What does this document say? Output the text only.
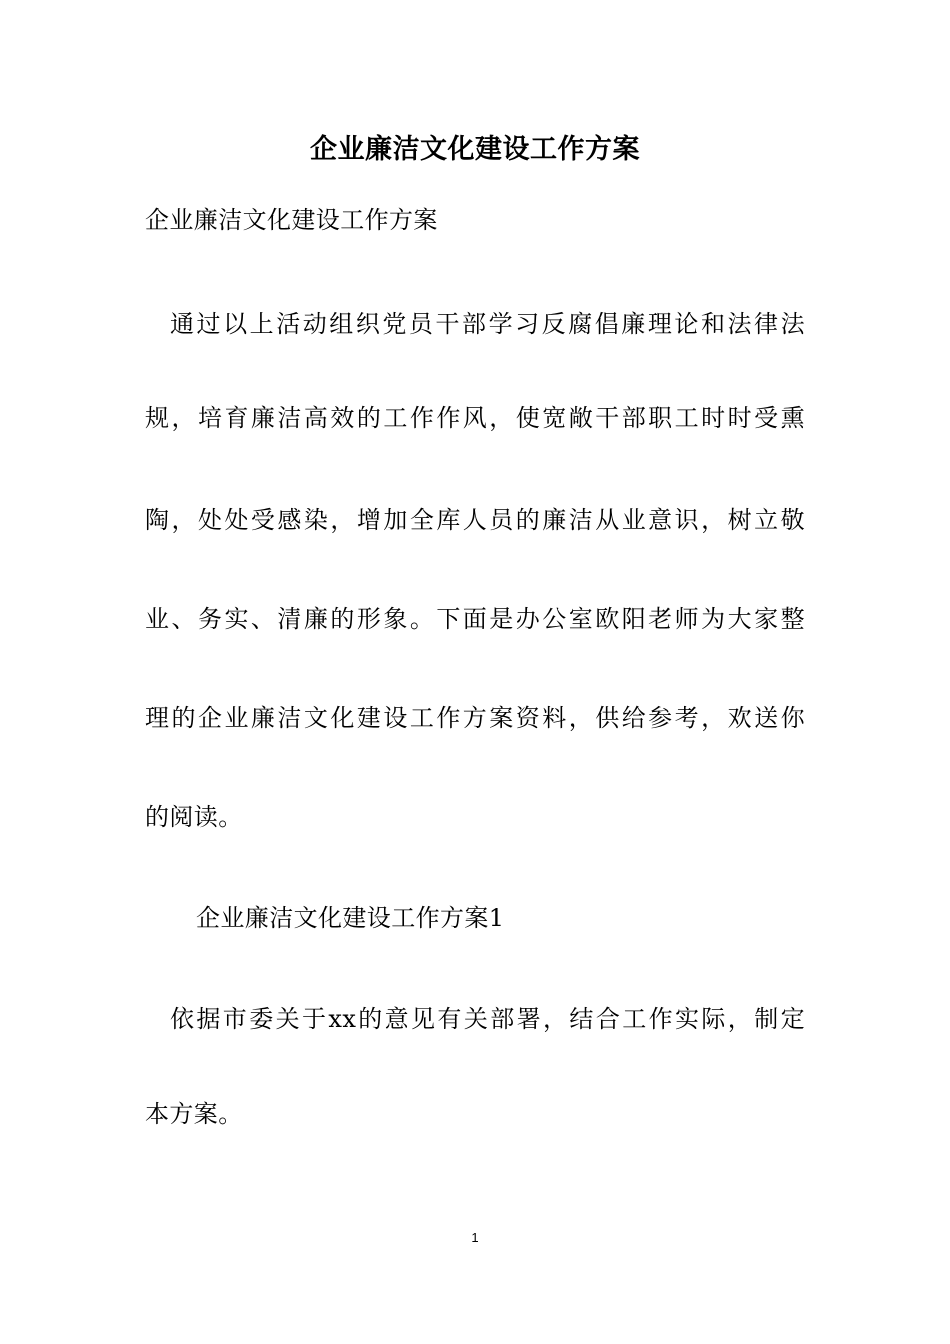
企业廉洁文化建设工作方案
企业廉洁文化建设工作方案
通过以上活动组织党员干部学习反腐倡廉理论和法律法
规，培育廉洁高效的工作作风，使宽敞干部职工时时受熏
陶，处处受感染，增加全库人员的廉洁从业意识，树立敬
业、务实、清廉的形象。下面是办公室欧阳老师为大家整
理的企业廉洁文化建设工作方案资料，供给参考，欢送你
的阅读。
企业廉洁文化建设工作方案1
依据市委关于xx的意见有关部署，结合工作实际，制定
本方案。
1
